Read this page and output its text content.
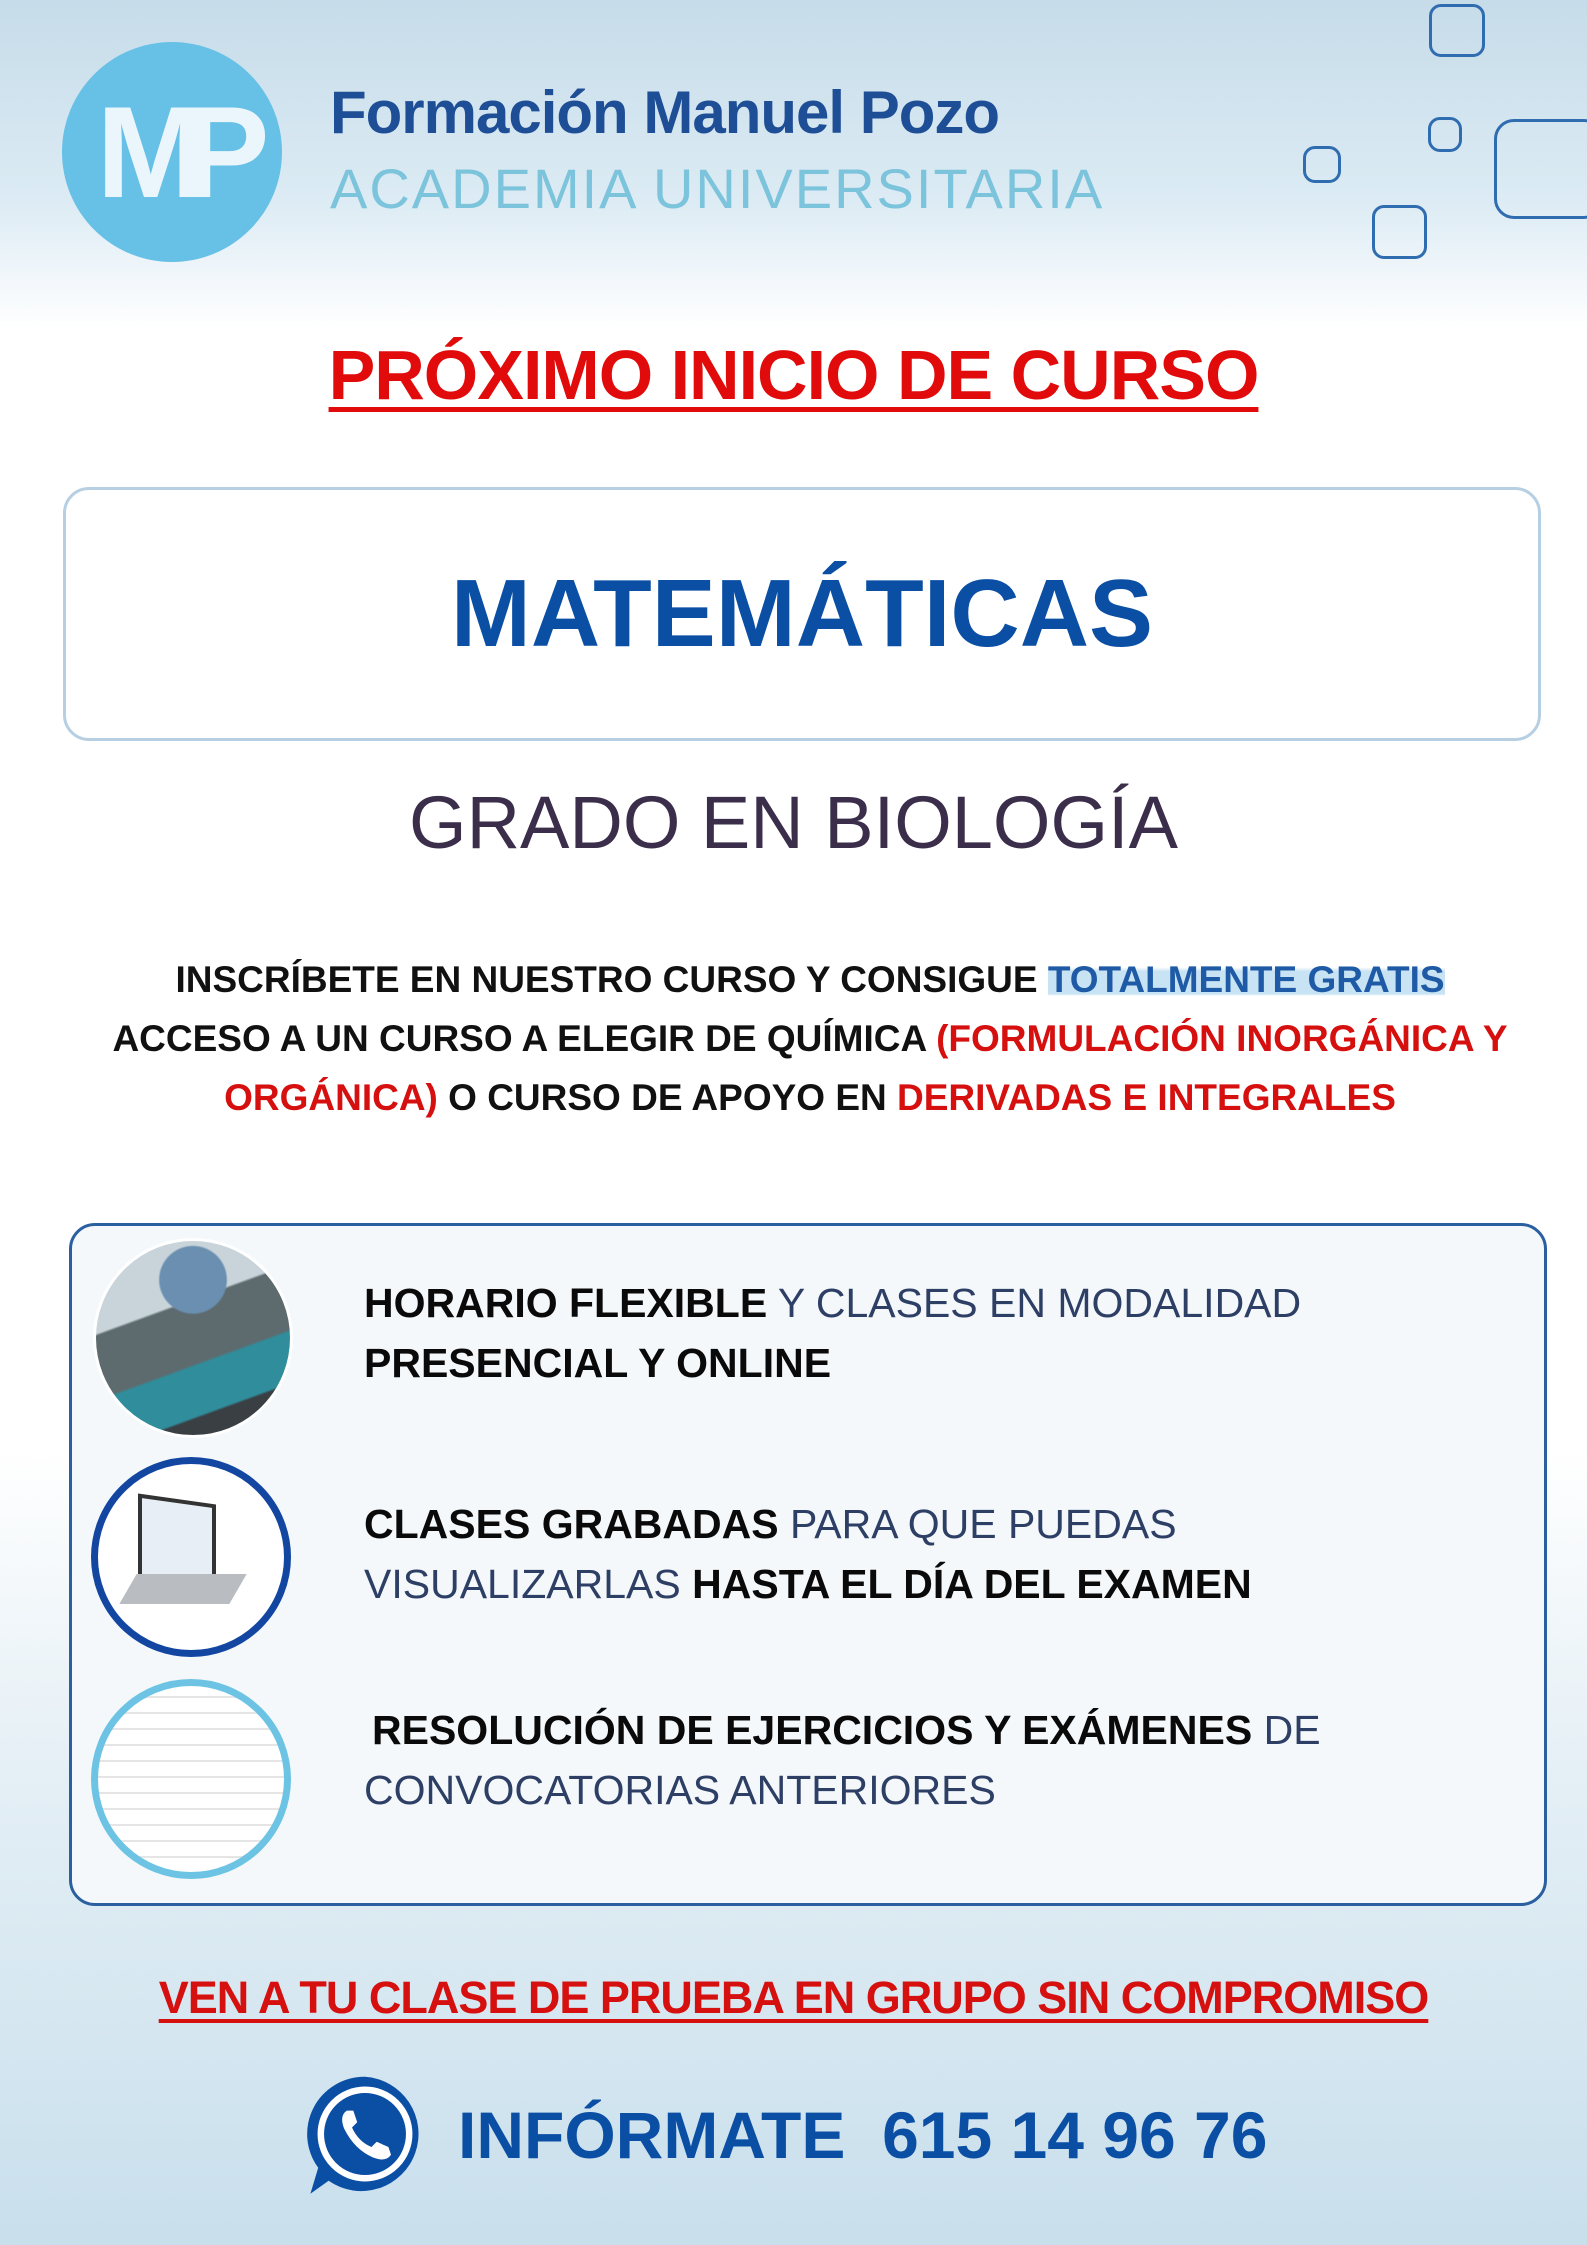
MP	Formación Manuel Pozo
ACADEMIA UNIVERSITARIA
PRÓXIMO INICIO DE CURSO
MATEMÁTICAS
GRADO EN BIOLOGÍA
INSCRÍBETE EN NUESTRO CURSO Y CONSIGUE TOTALMENTE GRATIS
ACCESO A UN CURSO A ELEGIR DE QUÍMICA (FORMULACIÓN INORGÁNICA Y ORGÁNICA) O CURSO DE APOYO EN DERIVADAS E INTEGRALES
HORARIO FLEXIBLE Y CLASES EN MODALIDAD
PRESENCIAL Y ONLINE
CLASES GRABADAS PARA QUE PUEDAS
VISUALIZARLAS HASTA EL DÍA DEL EXAMEN
RESOLUCIÓN DE EJERCICIOS Y EXÁMENES DE
CONVOCATORIAS ANTERIORES
VEN A TU CLASE DE PRUEBA EN GRUPO SIN COMPROMISO
INFÓRMATE 615 14 96 76
